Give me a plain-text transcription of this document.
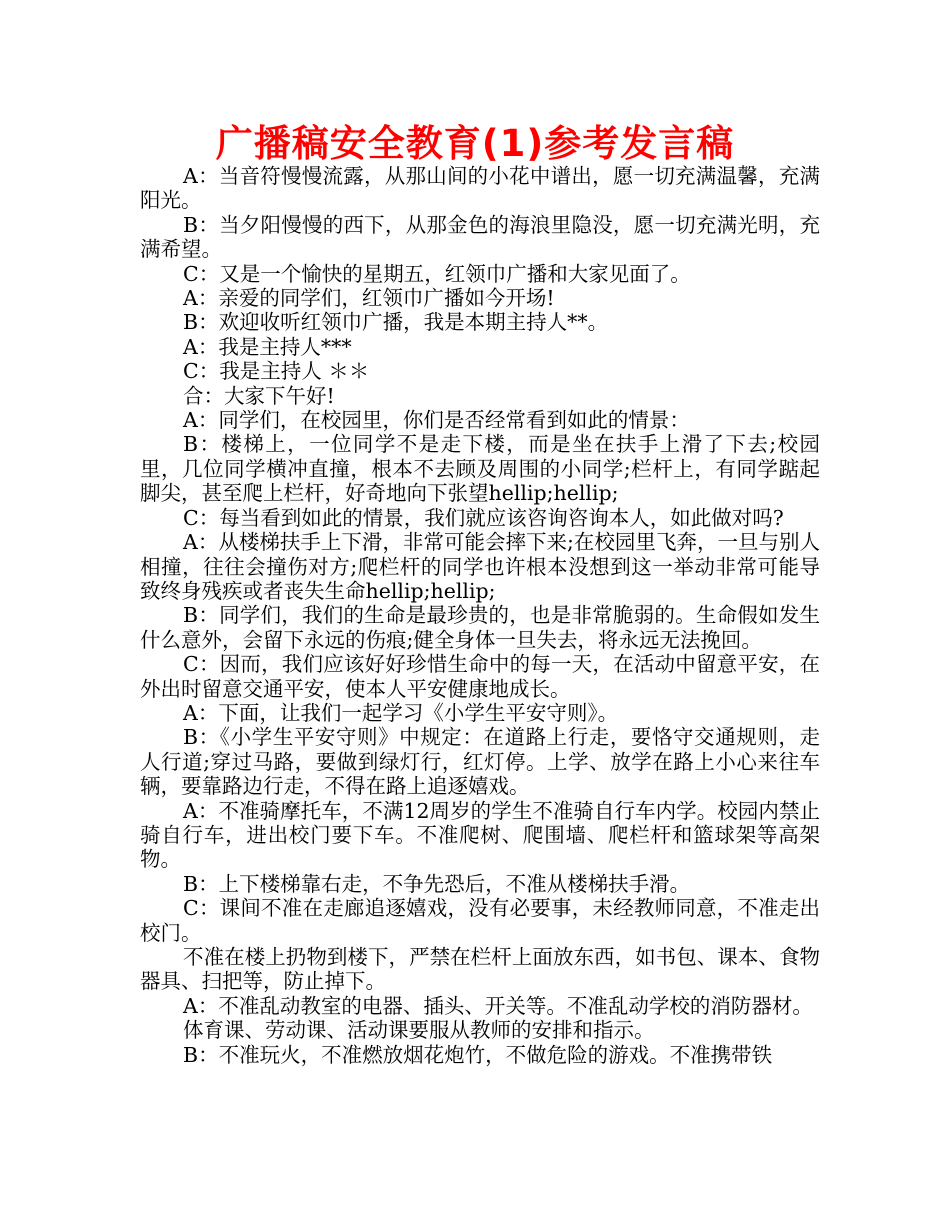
广播稿安全教育(1)参考发言稿

A：当音符慢慢流露，从那山间的小花中谱出，愿一切充满温馨，充满阳光。

B：当夕阳慢慢的西下，从那金色的海浪里隐没，愿一切充满光明，充满希望。

C：又是一个愉快的星期五，红领巾广播和大家见面了。

A：亲爱的同学们，红领巾广播如今开场!

B：欢迎收听红领巾广播，我是本期主持人**。

A：我是主持人***

C：我是主持人 ＊＊

合：大家下午好!

A：同学们，在校园里，你们是否经常看到如此的情景：

B：楼梯上，一位同学不是走下楼，而是坐在扶手上滑了下去;校园里，几位同学横冲直撞，根本不去顾及周围的小同学;栏杆上，有同学踮起脚尖，甚至爬上栏杆，好奇地向下张望hellip;hellip;

C：每当看到如此的情景，我们就应该咨询咨询本人，如此做对吗?

A：从楼梯扶手上下滑，非常可能会摔下来;在校园里飞奔，一旦与别人相撞，往往会撞伤对方;爬栏杆的同学也许根本没想到这一举动非常可能导致终身残疾或者丧失生命hellip;hellip;

B：同学们，我们的生命是最珍贵的，也是非常脆弱的。生命假如发生什么意外，会留下永远的伤痕;健全身体一旦失去，将永远无法挽回。

C：因而，我们应该好好珍惜生命中的每一天，在活动中留意平安，在外出时留意交通平安，使本人平安健康地成长。

A：下面，让我们一起学习《小学生平安守则》。

B：《小学生平安守则》中规定：在道路上行走，要恪守交通规则，走人行道;穿过马路，要做到绿灯行，红灯停。上学、放学在路上小心来往车辆，要靠路边行走，不得在路上追逐嬉戏。

A：不准骑摩托车，不满12周岁的学生不准骑自行车内学。校园内禁止骑自行车，进出校门要下车。不准爬树、爬围墙、爬栏杆和篮球架等高架物。

B：上下楼梯靠右走，不争先恐后，不准从楼梯扶手滑。

C：课间不准在走廊追逐嬉戏，没有必要事，未经教师同意，不准走出校门。

不准在楼上扔物到楼下，严禁在栏杆上面放东西，如书包、课本、食物器具、扫把等，防止掉下。

A：不准乱动教室的电器、插头、开关等。不准乱动学校的消防器材。

体育课、劳动课、活动课要服从教师的安排和指示。

B：不准玩火，不准燃放烟花炮竹，不做危险的游戏。不准携带铁
